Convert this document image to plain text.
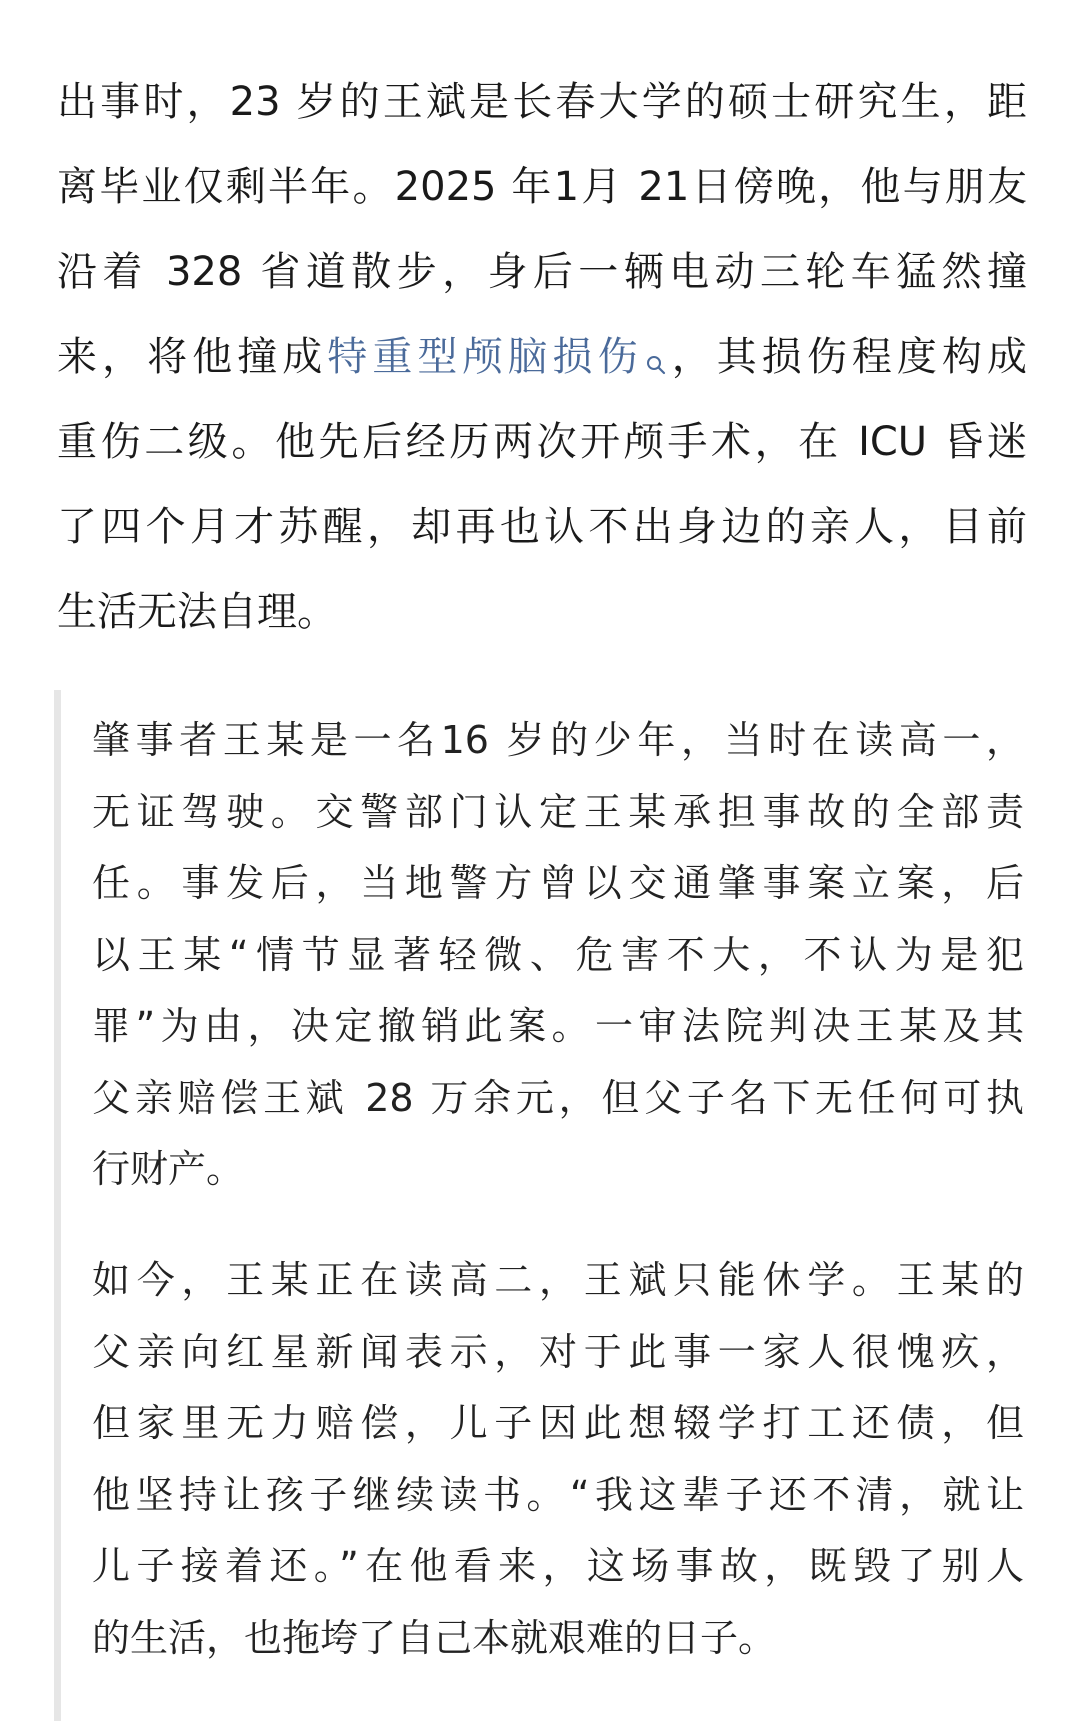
出事时，23 岁的王斌是长春大学的硕士研究生，距
离毕业仅剩半年。2025 年1月 21日傍晚，他与朋友
沿着 328 省道散步，身后一辆电动三轮车猛然撞
来，将他撞成特重型颅脑损伤 ，其损伤程度构成
重伤二级。他先后经历两次开颅手术，在 ICU 昏迷
了四个月才苏醒，却再也认不出身边的亲人，目前
生活无法自理。

肇事者王某是一名16 岁的少年，当时在读高一，
无证驾驶。交警部门认定王某承担事故的全部责
任。事发后，当地警方曾以交通肇事案立案，后
以王某“情节显著轻微、危害不大，不认为是犯
罪”为由，决定撤销此案。一审法院判决王某及其
父亲赔偿王斌 28 万余元，但父子名下无任何可执
行财产。

如今，王某正在读高二，王斌只能休学。王某的
父亲向红星新闻表示，对于此事一家人很愧疚，
但家里无力赔偿，儿子因此想辍学打工还债，但
他坚持让孩子继续读书。“我这辈子还不清，就让
儿子接着还。”在他看来，这场事故，既毁了别人
的生活，也拖垮了自己本就艰难的日子。
